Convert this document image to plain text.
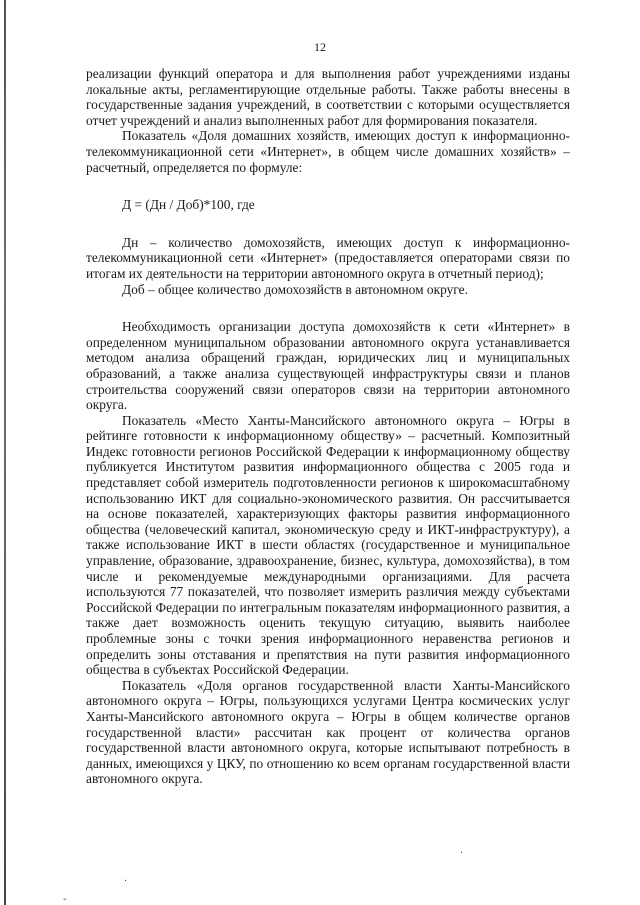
12

реализации функций оператора и для выполнения работ учреждениями изданы локальные акты, регламентирующие отдельные работы. Также работы внесены в государственные задания учреждений, в соответствии с которыми осуществляется отчет учреждений и анализ выполненных работ для формирования показателя.

Показатель «Доля домашних хозяйств, имеющих доступ к информационно-телекоммуникационной сети «Интернет», в общем числе домашних хозяйств» – расчетный, определяется по формуле:

Д = (Дн / Доб)*100, где

Дн – количество домохозяйств, имеющих доступ к информационно-телекоммуникационной сети «Интернет» (предоставляется операторами связи по итогам их деятельности на территории автономного округа в отчетный период);

Доб – общее количество домохозяйств в автономном округе.

Необходимость организации доступа домохозяйств к сети «Интернет» в определенном муниципальном образовании автономного округа устанавливается методом анализа обращений граждан, юридических лиц и муниципальных образований, а также анализа существующей инфраструктуры связи и планов строительства сооружений связи операторов связи на территории автономного округа.

Показатель «Место Ханты-Мансийского автономного округа – Югры в рейтинге готовности к информационному обществу» – расчетный. Композитный Индекс готовности регионов Российской Федерации к информационному обществу публикуется Институтом развития информационного общества с 2005 года и представляет собой измеритель подготовленности регионов к широкомасштабному использованию ИКТ для социально-экономического развития. Он рассчитывается на основе показателей, характеризующих факторы развития информационного общества (человеческий капитал, экономическую среду и ИКТ-инфраструктуру), а также использование ИКТ в шести областях (государственное и муниципальное управление, образование, здравоохранение, бизнес, культура, домохозяйства), в том числе и рекомендуемые международными организациями. Для расчета используются 77 показателей, что позволяет измерить различия между субъектами Российской Федерации по интегральным показателям информационного развития, а также дает возможность оценить текущую ситуацию, выявить наиболее проблемные зоны с точки зрения информационного неравенства регионов и определить зоны отставания и препятствия на пути развития информационного общества в субъектах Российской Федерации.

Показатель «Доля органов государственной власти Ханты-Мансийского автономного округа – Югры, пользующихся услугами Центра космических услуг Ханты-Мансийского автономного округа – Югры в общем количестве органов государственной власти» рассчитан как процент от количества органов государственной власти автономного округа, которые испытывают потребность в данных, имеющихся у ЦКУ, по отношению ко всем органам государственной власти автономного округа.

·
·
-
